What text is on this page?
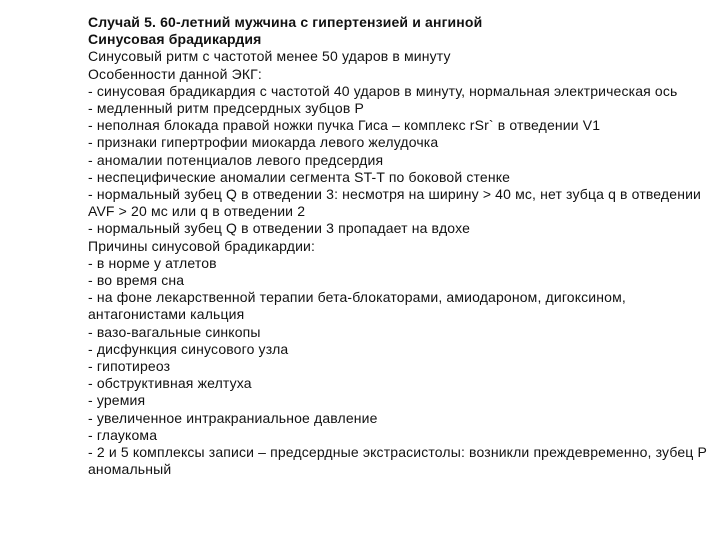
Случай 5. 60-летний мужчина с гипертензией и ангиной

Синусовая брадикардия

Синусовый ритм с частотой менее 50 ударов в минуту

Особенности данной ЭКГ:

- синусовая брадикардия с частотой 40 ударов в минуту, нормальная электрическая ось

- медленный ритм предсердных зубцов Р

- неполная блокада правой ножки пучка Гиса – комплекс rSr` в отведении V1

- признаки гипертрофии миокарда левого желудочка

- аномалии потенциалов левого предсердия

- неспецифические аномалии сегмента ST-T по боковой стенке

- нормальный зубец Q в отведении 3: несмотря на ширину > 40 мс, нет зубца q в отведении AVF > 20 мс или q в отведении 2

- нормальный зубец Q в отведении 3 пропадает на вдохе

Причины синусовой брадикардии:

- в норме у атлетов

- во время сна

- на фоне лекарственной терапии бета-блокаторами, амиодароном, дигоксином, антагонистами кальция

- вазо-вагальные синкопы

- дисфункция синусового узла

- гипотиреоз

- обструктивная желтуха

- уремия

- увеличенное интракраниальное давление

- глаукома

- 2 и 5 комплексы записи – предсердные экстрасистолы: возникли преждевременно, зубец Р аномальный
